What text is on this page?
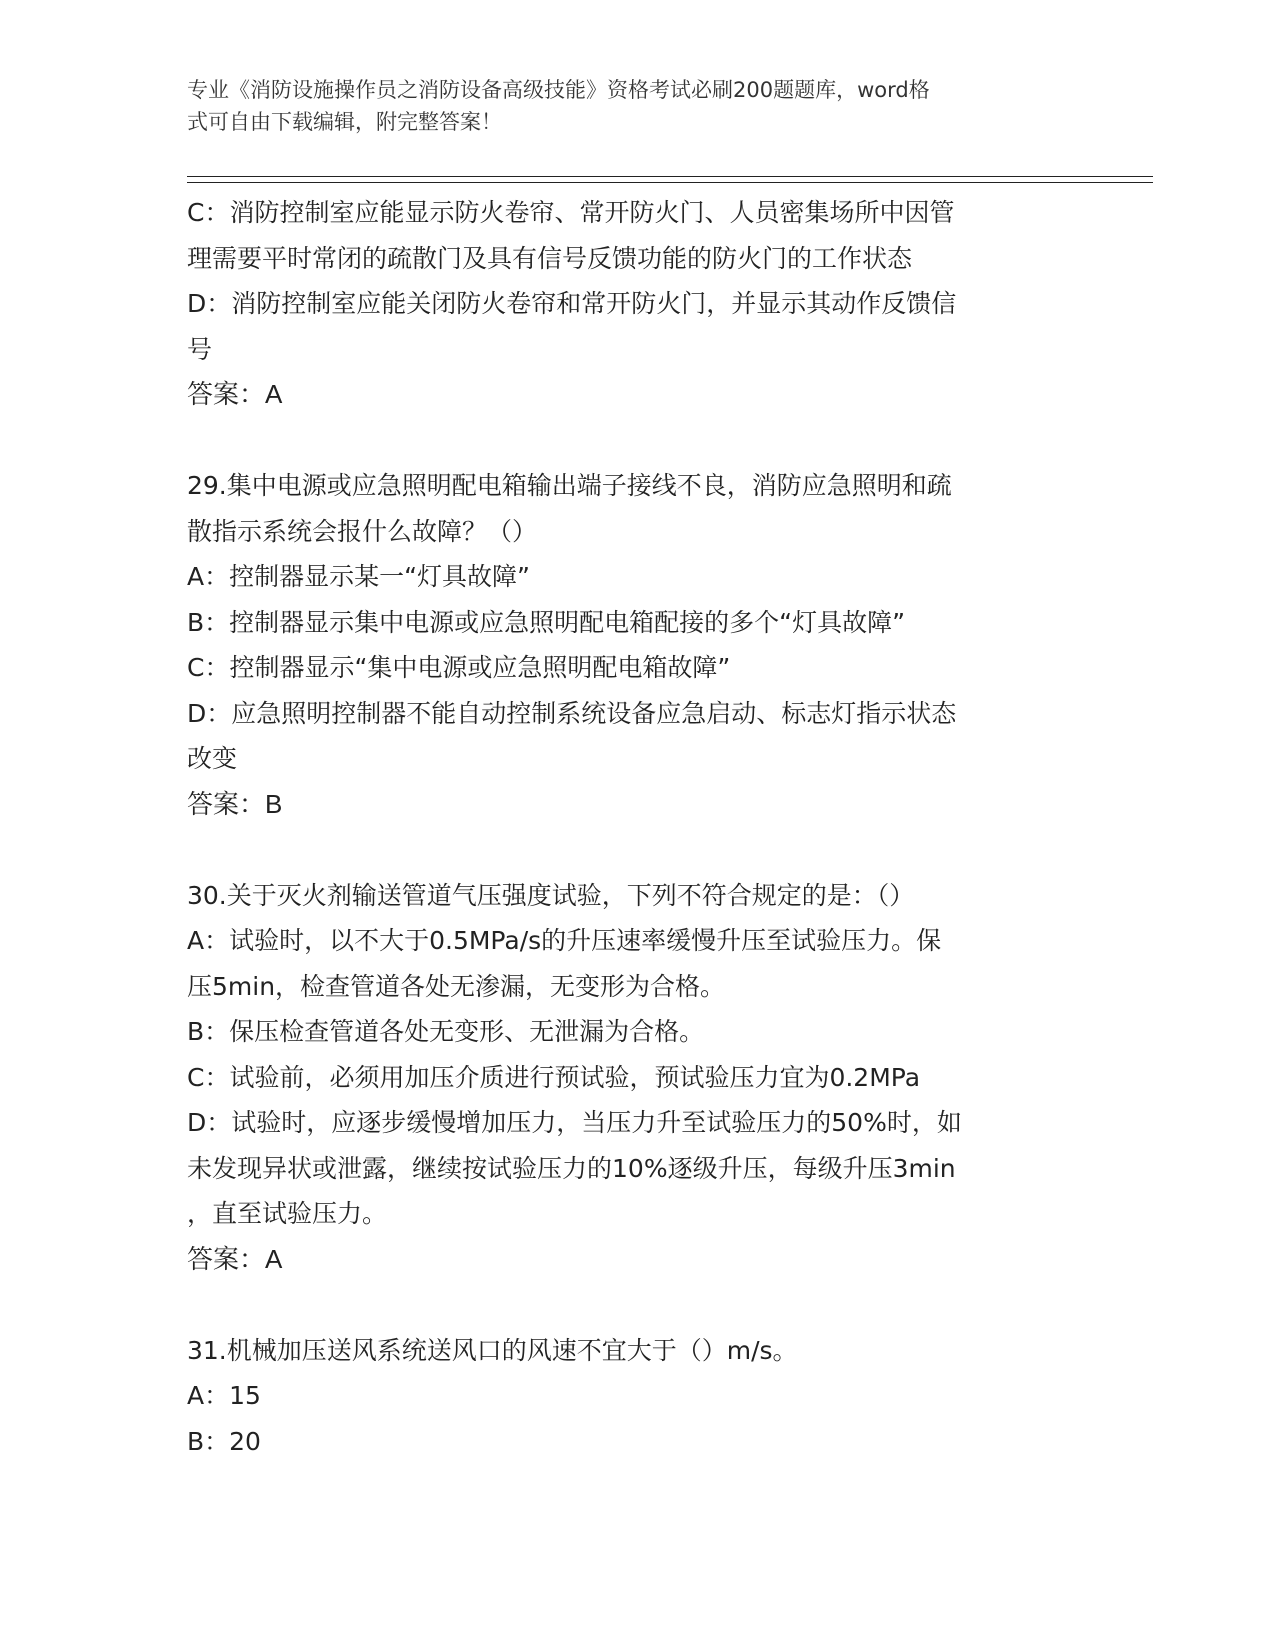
专业《消防设施操作员之消防设备高级技能》资格考试必刷200题题库，word格
式可自由下载编辑，附完整答案！
C：消防控制室应能显示防火卷帘、常开防火门、人员密集场所中因管
理需要平时常闭的疏散门及具有信号反馈功能的防火门的工作状态
D：消防控制室应能关闭防火卷帘和常开防火门，并显示其动作反馈信
号
答案：A
29.集中电源或应急照明配电箱输出端子接线不良，消防应急照明和疏
散指示系统会报什么故障？（）
A：控制器显示某一“灯具故障”
B：控制器显示集中电源或应急照明配电箱配接的多个“灯具故障”
C：控制器显示“集中电源或应急照明配电箱故障”
D：应急照明控制器不能自动控制系统设备应急启动、标志灯指示状态
改变
答案：B
30.关于灭火剂输送管道气压强度试验，下列不符合规定的是：（）
A：试验时，以不大于0.5MPa/s的升压速率缓慢升压至试验压力。保
压5min，检查管道各处无渗漏，无变形为合格。
B：保压检查管道各处无变形、无泄漏为合格。
C：试验前，必须用加压介质进行预试验，预试验压力宜为0.2MPa
D：试验时，应逐步缓慢增加压力，当压力升至试验压力的50%时，如
未发现异状或泄露，继续按试验压力的10%逐级升压，每级升压3min
，直至试验压力。
答案：A
31.机械加压送风系统送风口的风速不宜大于（）m/s。
A：15
B：20
